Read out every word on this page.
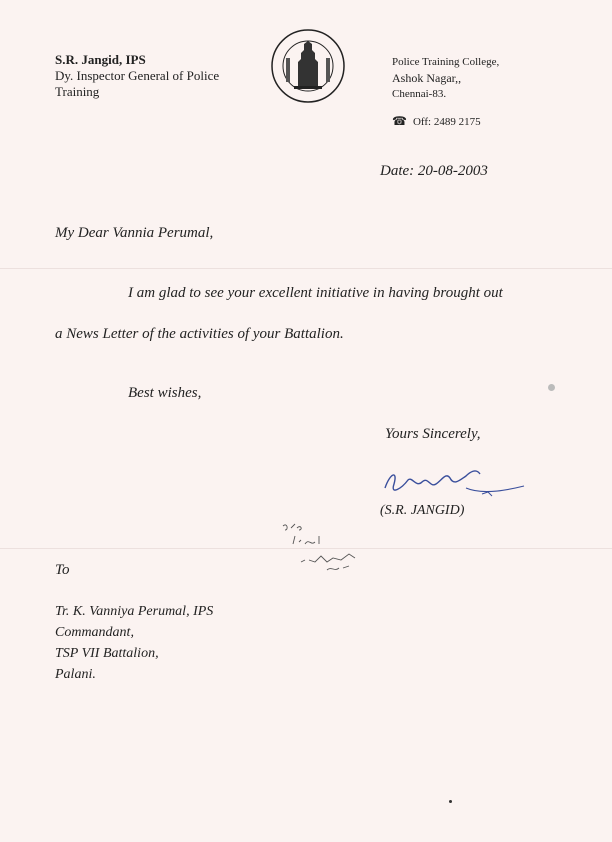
S.R. Jangid, IPS
Dy. Inspector General of Police
Training
Police Training College,
Ashok Nagar,,
Chennai-83.
☎ Off: 2489 2175
Date: 20-08-2003
My Dear Vannia Perumal,
I am glad to see your excellent initiative in having brought out
a News Letter of the activities of your Battalion.
Best wishes,
Yours Sincerely,
(S.R. JANGID)
To
Tr. K. Vanniya Perumal, IPS
Commandant,
TSP VII Battalion,
Palani.
